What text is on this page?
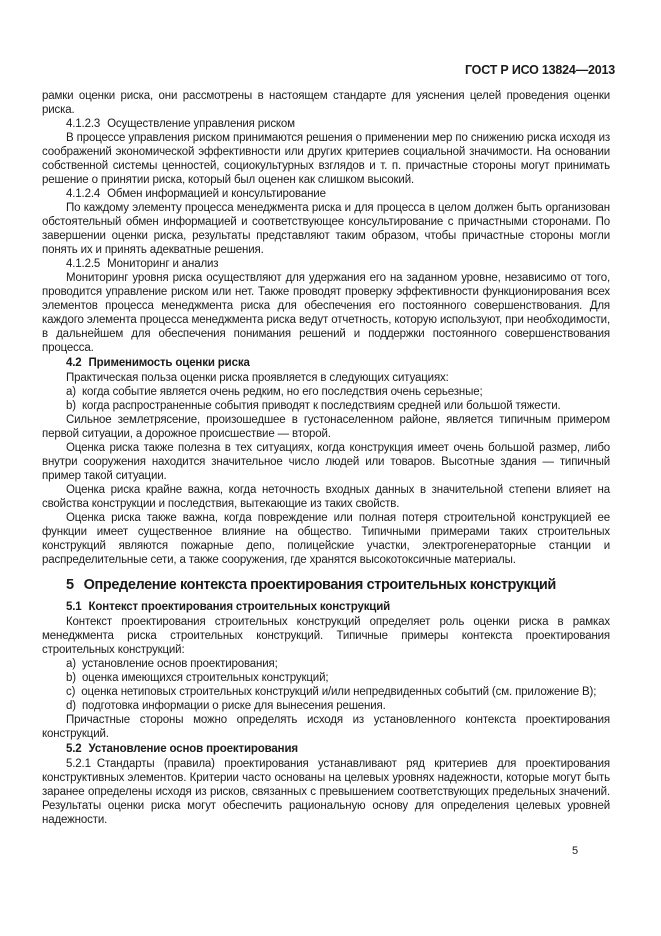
ГОСТ Р ИСО 13824—2013

рамки оценки риска, они рассмотрены в настоящем стандарте для уяснения целей проведения оценки риска.

4.1.2.3 Осуществление управления риском

В процессе управления риском принимаются решения о применении мер по снижению риска исходя из соображений экономической эффективности или других критериев социальной значимости. На основании собственной системы ценностей, социокультурных взглядов и т. п. причастные стороны могут принимать решение о принятии риска, который был оценен как слишком высокий.

4.1.2.4 Обмен информацией и консультирование

По каждому элементу процесса менеджмента риска и для процесса в целом должен быть организован обстоятельный обмен информацией и соответствующее консультирование с причастными сторонами. По завершении оценки риска, результаты представляют таким образом, чтобы причастные стороны могли понять их и принять адекватные решения.

4.1.2.5 Мониторинг и анализ

Мониторинг уровня риска осуществляют для удержания его на заданном уровне, независимо от того, проводится управление риском или нет. Также проводят проверку эффективности функционирования всех элементов процесса менеджмента риска для обеспечения его постоянного совершенствования. Для каждого элемента процесса менеджмента риска ведут отчетность, которую используют, при необходимости, в дальнейшем для обеспечения понимания решений и поддержки постоянного совершенствования процесса.

4.2 Применимость оценки риска

Практическая польза оценки риска проявляется в следующих ситуациях:

a) когда событие является очень редким, но его последствия очень серьезные;

b) когда распространенные события приводят к последствиям средней или большой тяжести.

Сильное землетрясение, произошедшее в густонаселенном районе, является типичным примером первой ситуации, а дорожное происшествие — второй.

Оценка риска также полезна в тех ситуациях, когда конструкция имеет очень большой размер, либо внутри сооружения находится значительное число людей или товаров. Высотные здания — типичный пример такой ситуации.

Оценка риска крайне важна, когда неточность входных данных в значительной степени влияет на свойства конструкции и последствия, вытекающие из таких свойств.

Оценка риска также важна, когда повреждение или полная потеря строительной конструкцией ее функции имеет существенное влияние на общество. Типичными примерами таких строительных конструкций являются пожарные депо, полицейские участки, электрогенераторные станции и распределительные сети, а также сооружения, где хранятся высокотоксичные материалы.

5 Определение контекста проектирования строительных конструкций

5.1 Контекст проектирования строительных конструкций

Контекст проектирования строительных конструкций определяет роль оценки риска в рамках менеджмента риска строительных конструкций. Типичные примеры контекста проектирования строительных конструкций:

a) установление основ проектирования;

b) оценка имеющихся строительных конструкций;

c) оценка нетиповых строительных конструкций и/или непредвиденных событий (см. приложение B);

d) подготовка информации о риске для вынесения решения.

Причастные стороны можно определять исходя из установленного контекста проектирования конструкций.

5.2 Установление основ проектирования

5.2.1 Стандарты (правила) проектирования устанавливают ряд критериев для проектирования конструктивных элементов. Критерии часто основаны на целевых уровнях надежности, которые могут быть заранее определены исходя из рисков, связанных с превышением соответствующих предельных значений. Результаты оценки риска могут обеспечить рациональную основу для определения целевых уровней надежности.

5
